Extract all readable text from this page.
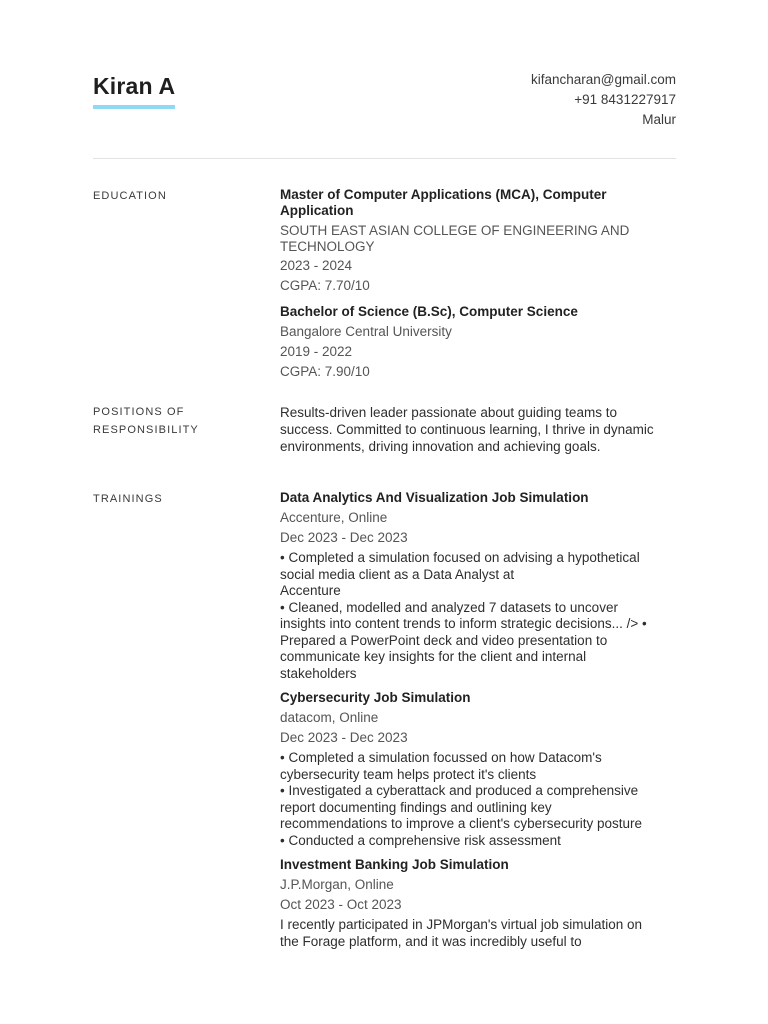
Kiran A	kifancharan@gmail.com
+91 8431227917
Malur
EDUCATION	Master of Computer Applications (MCA), Computer
Application
SOUTH EAST ASIAN COLLEGE OF ENGINEERING AND
TECHNOLOGY
2023 - 2024
CGPA: 7.70/10
Bachelor of Science (B.Sc), Computer Science
Bangalore Central University
2019 - 2022
CGPA: 7.90/10
POSITIONS OF
RESPONSIBILITY
Results-driven leader passionate about guiding teams to
success. Committed to continuous learning, I thrive in dynamic
environments, driving innovation and achieving goals.
TRAININGS	Data Analytics And Visualization Job Simulation
Accenture, Online
Dec 2023 - Dec 2023
• Completed a simulation focused on advising a hypothetical
social media client as a Data Analyst at
Accenture
• Cleaned, modelled and analyzed 7 datasets to uncover
insights into content trends to inform strategic decisions... /> •
Prepared a PowerPoint deck and video presentation to
communicate key insights for the client and internal
stakeholders
Cybersecurity Job Simulation
datacom, Online
Dec 2023 - Dec 2023
• Completed a simulation focussed on how Datacom's
cybersecurity team helps protect it's clients
• Investigated a cyberattack and produced a comprehensive
report documenting findings and outlining key
recommendations to improve a client's cybersecurity posture
• Conducted a comprehensive risk assessment
Investment Banking Job Simulation
J.P.Morgan, Online
Oct 2023 - Oct 2023
I recently participated in JPMorgan's virtual job simulation on
the Forage platform, and it was incredibly useful to
